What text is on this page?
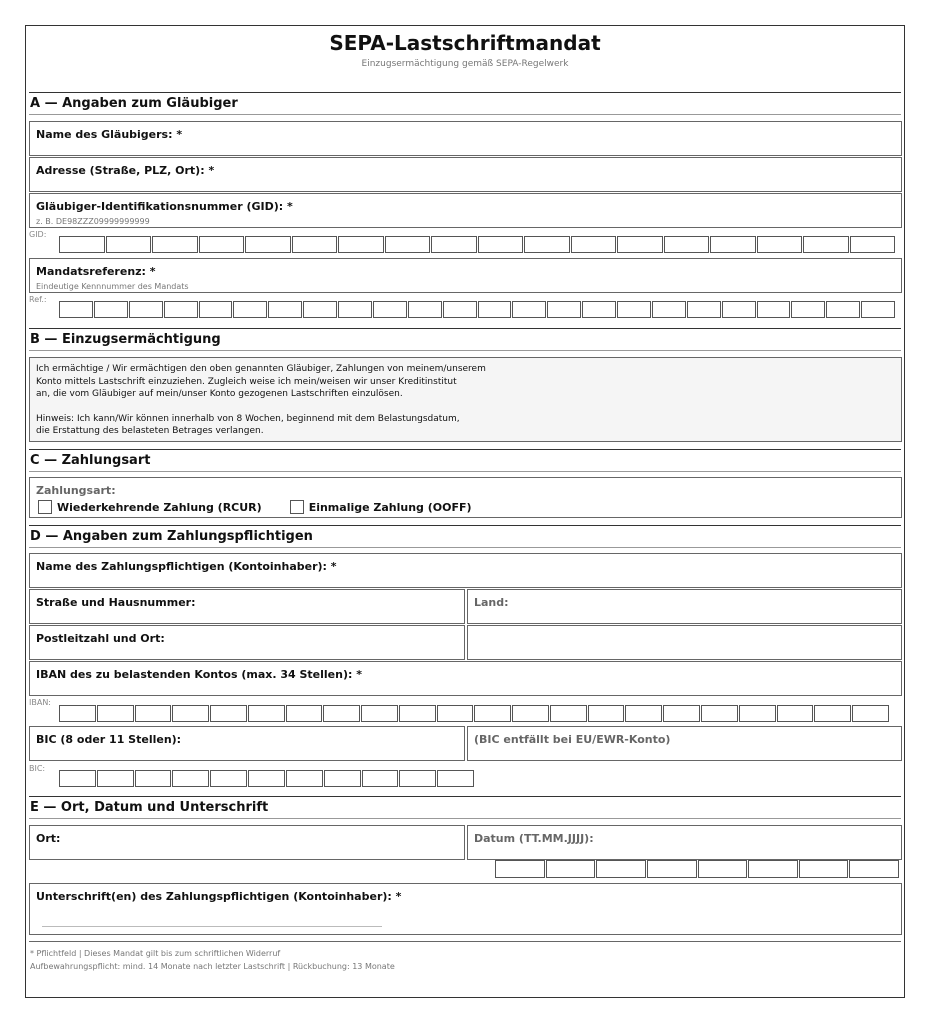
SEPA-Lastschriftmandat
Einzugsermächtigung gemäß SEPA-Regelwerk
A — Angaben zum Gläubiger
Name des Gläubigers: *
Adresse (Straße, PLZ, Ort): *
Gläubiger-Identifikationsnummer (GID): *
z. B. DE98ZZZ09999999999
GID:
Mandatsreferenz: *
Eindeutige Kennnummer des Mandats
Ref.:
B — Einzugsermächtigung
Ich ermächtige / Wir ermächtigen den oben genannten Gläubiger, Zahlungen von meinem/unserem
Konto mittels Lastschrift einzuziehen. Zugleich weise ich mein/weisen wir unser Kreditinstitut
an, die vom Gläubiger auf mein/unser Konto gezogenen Lastschriften einzulösen.
Hinweis: Ich kann/Wir können innerhalb von 8 Wochen, beginnend mit dem Belastungsdatum,
die Erstattung des belasteten Betrages verlangen.
C — Zahlungsart
Zahlungsart:
Wiederkehrende Zahlung (RCUR)	Einmalige Zahlung (OOFF)
D — Angaben zum Zahlungspflichtigen
Name des Zahlungspflichtigen (Kontoinhaber): *
Straße und Hausnummer:	Land:
Postleitzahl und Ort:
IBAN des zu belastenden Kontos (max. 34 Stellen): *
IBAN:
BIC (8 oder 11 Stellen):	(BIC entfällt bei EU/EWR-Konto)
BIC:
E — Ort, Datum und Unterschrift
Ort:	Datum (TT.MM.JJJJ):
Unterschrift(en) des Zahlungspflichtigen (Kontoinhaber): *
* Pflichtfeld | Dieses Mandat gilt bis zum schriftlichen Widerruf
Aufbewahrungspflicht: mind. 14 Monate nach letzter Lastschrift | Rückbuchung: 13 Monate
